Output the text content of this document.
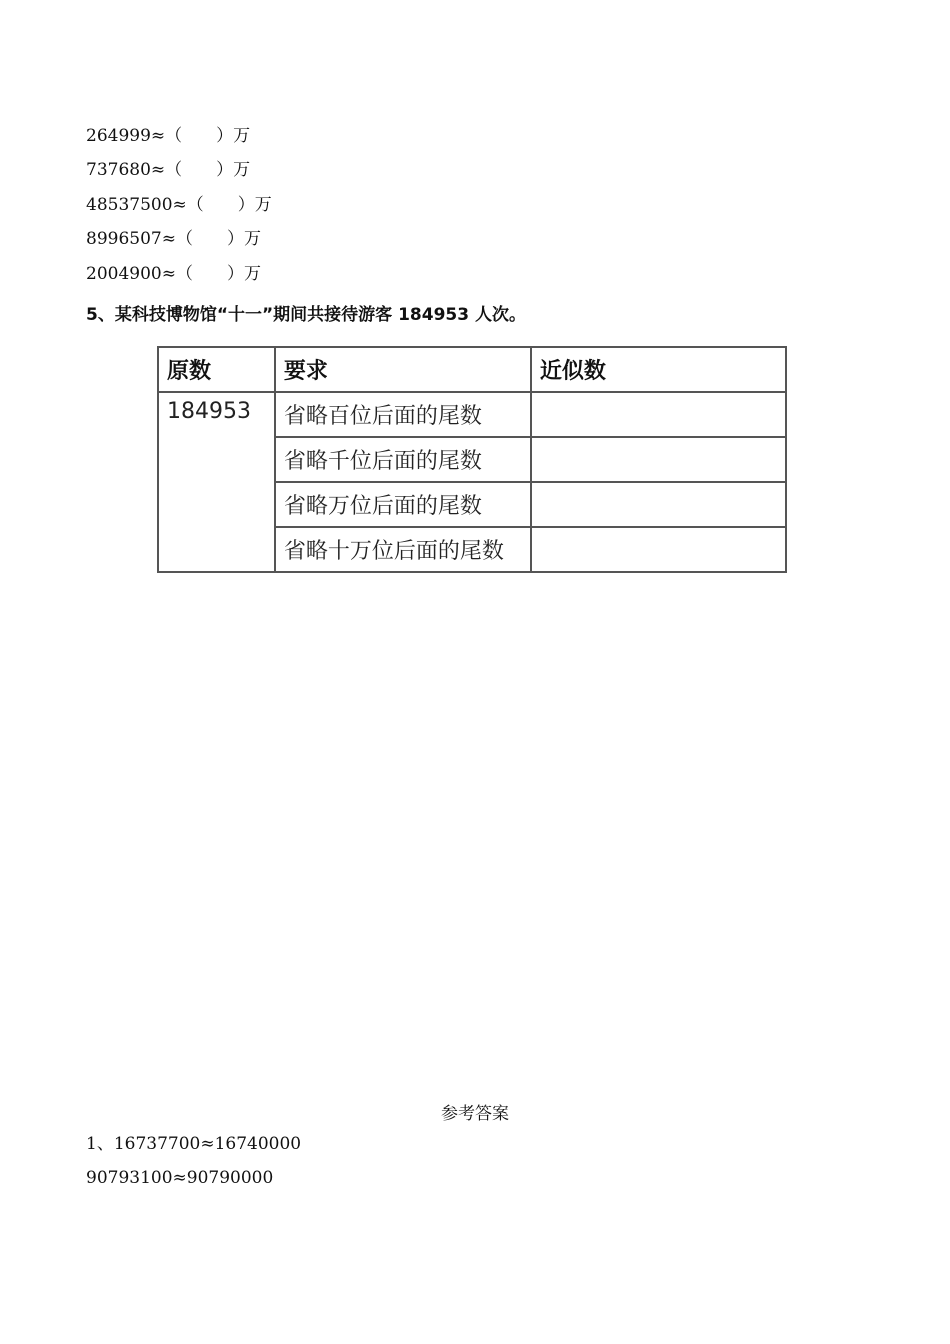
264999≈（　　）万
737680≈（　　）万
48537500≈（　　）万
8996507≈（　　）万
2004900≈（　　）万
5、某科技博物馆“十一”期间共接待游客 184953 人次。
原数	要求	近似数
184953	省略百位后面的尾数	
	省略千位后面的尾数	
	省略万位后面的尾数	
	省略十万位后面的尾数	
参考答案
1、16737700≈16740000
90793100≈90790000
